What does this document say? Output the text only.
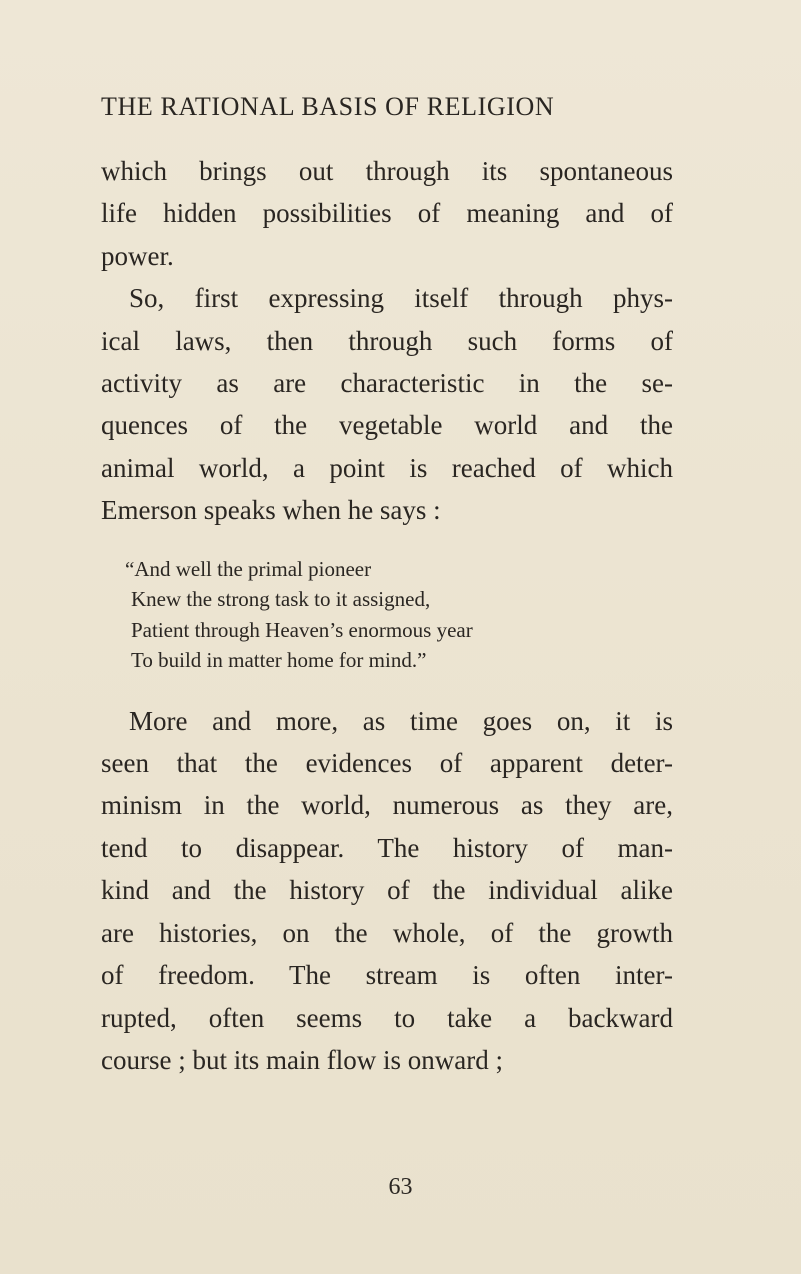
THE RATIONAL BASIS OF RELIGION

which brings out through its spontaneous
life hidden possibilities of meaning and of
power.

So, first expressing itself through phys-
ical laws, then through such forms of
activity as are characteristic in the se-
quences of the vegetable world and the
animal world, a point is reached of which
Emerson speaks when he says :

“And well the primal pioneer
Knew the strong task to it assigned,
Patient through Heaven’s enormous year
To build in matter home for mind.”

More and more, as time goes on, it is
seen that the evidences of apparent deter-
minism in the world, numerous as they are,
tend to disappear. The history of man-
kind and the history of the individual alike
are histories, on the whole, of the growth
of freedom. The stream is often inter-
rupted, often seems to take a backward
course ; but its main flow is onward ;

63
